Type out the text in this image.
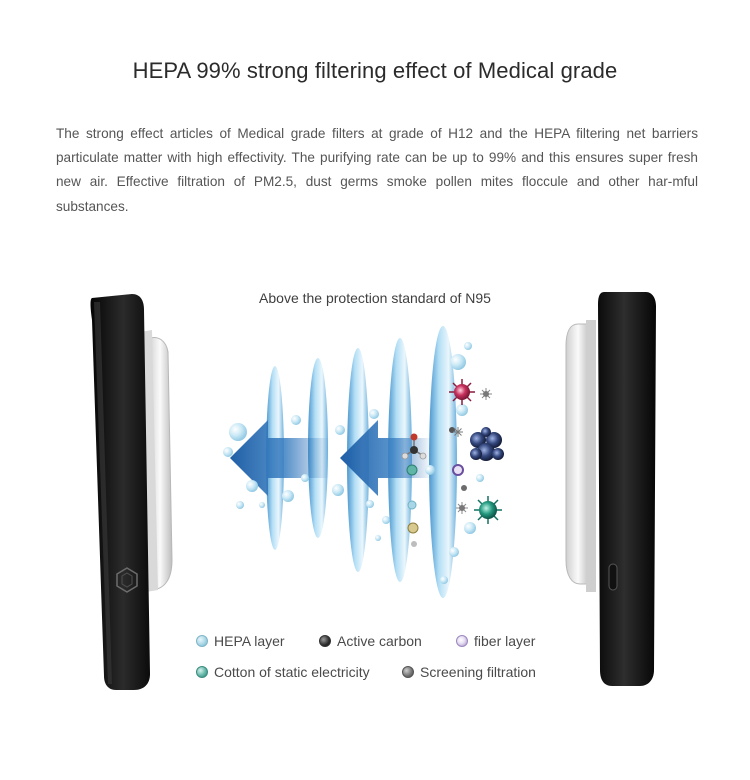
HEPA 99% strong filtering effect of Medical grade
The strong effect articles of Medical grade filters at grade of H12 and the HEPA filtering net barriers particulate matter with high effectivity. The purifying rate can be up to 99% and this ensures super fresh new air. Effective filtration of PM2.5, dust germs smoke pollen mites floccule and other har-mful substances.
Above the protection standard of N95
HEPA layer	Active carbon	fiber layer
Cotton of static electricity	Screening filtration
